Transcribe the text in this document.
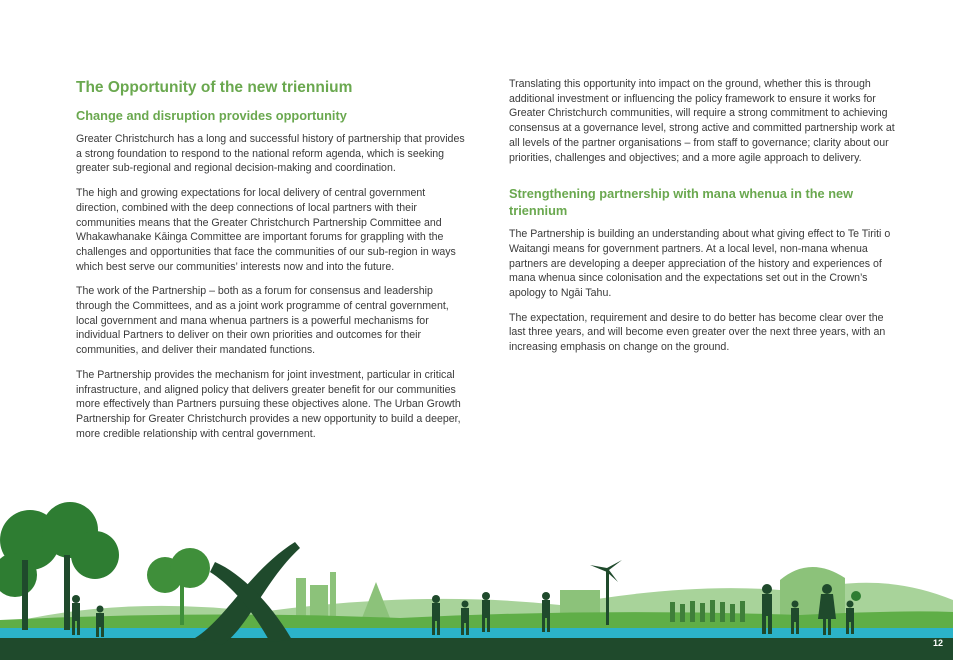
The Opportunity of the new triennium
Change and disruption provides opportunity

Greater Christchurch has a long and successful history of partnership that provides a strong foundation to respond to the national reform agenda, which is seeking greater sub-regional and regional decision-making and coordination.

The high and growing expectations for local delivery of central government direction, combined with the deep connections of local partners with their communities means that the Greater Christchurch Partnership Committee and Whakawhanake Kāinga Committee are important forums for grappling with the challenges and opportunities that face the communities of our sub-region in ways which best serve our communities’ interests now and into the future.

The work of the Partnership – both as a forum for consensus and leadership through the Committees, and as a joint work programme of central government, local government and mana whenua partners is a powerful mechanisms for individual Partners to deliver on their own priorities and outcomes for their communities, and deliver their mandated functions.

The Partnership provides the mechanism for joint investment, particular in critical infrastructure, and aligned policy that delivers greater benefit for our communities more effectively than Partners pursuing these objectives alone. The Urban Growth Partnership for Greater Christchurch provides a new opportunity to build a deeper, more credible relationship with central government.

Translating this opportunity into impact on the ground, whether this is through additional investment or influencing the policy framework to ensure it works for Greater Christchurch communities, will require a strong commitment to achieving consensus at a governance level, strong active and committed partnership work at all levels of the partner organisations – from staff to governance; clarity about our priorities, challenges and objectives; and a more agile approach to delivery.

Strengthening partnership with mana whenua in the new triennium

The Partnership is building an understanding about what giving effect to Te Tiriti o Waitangi means for government partners. At a local level, non-mana whenua partners are developing a deeper appreciation of the history and experiences of mana whenua since colonisation and the expectations set out in the Crown’s apology to Ngāi Tahu.

The expectation, requirement and desire to do better has become clear over the last three years, and will become even greater over the next three years, with an increasing emphasis on change on the ground.

12
